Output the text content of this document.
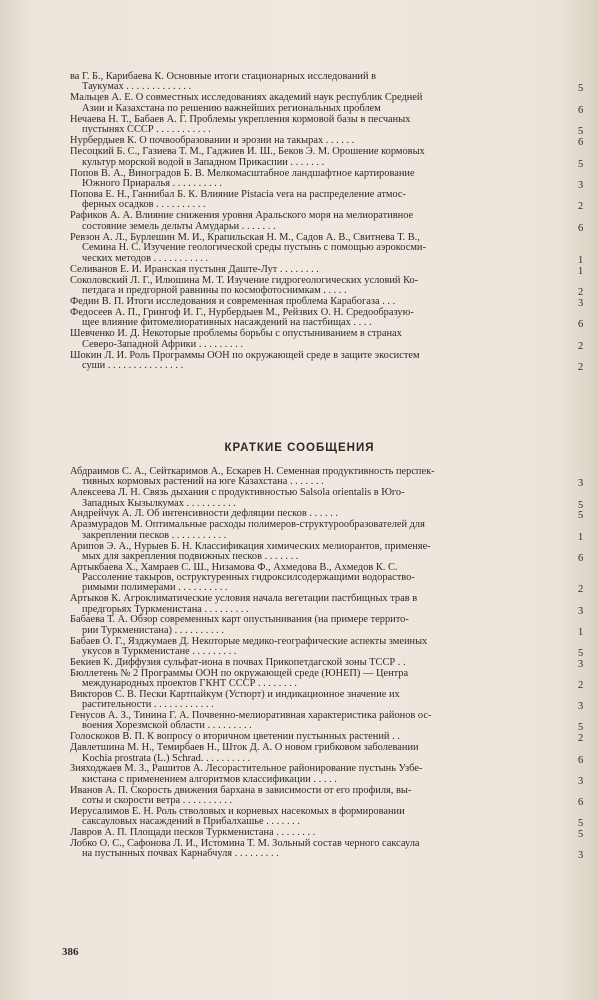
ва Г. Б., Карибаева К. Основные итоги стационарных исследований в
Таукумах . . . . . . . . . . . . .	5
Мальцев А. Е. О совместных исследованиях академий наук республик Средней
Азии и Казахстана по решению важнейших региональных проблем	6
Нечаева Н. Т., Бабаев А. Г. Проблемы укрепления кормовой базы в песчаных
пустынях СССР . . . . . . . . . . .	5
Нурбердыев К. О почвообразовании и эрозии на такырах . . . . . .	6
Песоцкий Б. С., Газиева Т. М., Гаджиев И. Ш., Беков Э. М. Орошение кормовых
культур морской водой в Западном Прикаспии . . . . . . .	5
Попов В. А., Виноградов Б. В. Мелкомасштабное ландшафтное картирование
Южного Приаралья . . . . . . . . . .	3
Попова Е. Н., Ганнибал Б. К. Влияние Pistacia vera на распределение атмос-
ферных осадков . . . . . . . . . .	2
Рафиков А. А. Влияние снижения уровня Аральского моря на мелиоративное
состояние земель дельты Амударьи . . . . . . .	6
Ревзон А. Л., Бурлешин М. И., Крапильская Н. М., Садов А. В., Свитнева Т. В.,
Семина Н. С. Изучение геологической среды пустынь с помощью аэрокосми-
ческих методов . . . . . . . . . . .	1
Селиванов Е. И. Иранская пустыня Даште-Лут . . . . . . . .	1
Соколовский Л. Г., Илюшина М. Т. Изучение гидрогеологических условий Ко-
петдага и предгорной равнины по космофотоснимкам . . . . .	2
Федин В. П. Итоги исследования и современная проблема Карабогаза . . .	3
Федосеев А. П., Грингоф И. Г., Нурбердыев М., Рейзвих О. Н. Средообразую-
щее влияние фитомелиоративных насаждений на пастбищах . . . .	6
Шевченко И. Д. Некоторые проблемы борьбы с опустыниванием в странах
Северо-Западной Африки . . . . . . . . .	2
Шокин Л. И. Роль Программы ООН по окружающей среде в защите экосистем
суши . . . . . . . . . . . . . . .	2
КРАТКИЕ СООБЩЕНИЯ
Абдраимов С. А., Сейткаримов А., Ескарев Н. Семенная продуктивность перспек-
тивных кормовых растений на юге Казахстана . . . . . . .	3
Алексеева Л. Н. Связь дыхания с продуктивностью Salsola orientalis в Юго-
Западных Кызылкумах . . . . . . . . . .	5
Андрейчук А. Л. Об интенсивности дефляции песков . . . . . .	5
Аразмурадов М. Оптимальные расходы полимеров-структурообразователей для
закрепления песков . . . . . . . . . . .	1
Арипов Э. А., Нурыев Б. Н. Классификация химических мелиорантов, применяе-
мых для закрепления подвижных песков . . . . . . .	6
Артыкбаева Х., Хамраев С. Ш., Низамова Ф., Ахмедова В., Ахмедов К. С.
Рассоление такыров, оструктуренных гидроксилсодержащими водораство-
римыми полимерами . . . . . . . . . .	2
Артыков К. Агроклиматические условия начала вегетации пастбищных трав в
предгорьях Туркменистана . . . . . . . . .	3
Бабаева Т. А. Обзор современных карт опустынивания (на примере террито-
рии Туркменистана) . . . . . . . . . .	1
Бабаев О. Г., Язджумаев Д. Некоторые медико-географические аспекты змеиных
укусов в Туркменистане . . . . . . . . .	5
Бекиев К. Диффузия сульфат-иона в почвах Прикопетдагской зоны ТССР . .	3
Бюллетень № 2 Программы ООН по окружающей среде (ЮНЕП) — Центра
международных проектов ГКНТ СССР . . . . . . . .	2
Викторов С. В. Пески Картпайкум (Устюрт) и индикационное значение их
растительности . . . . . . . . . . . .	3
Генусов А. З., Тинина Г. А. Почвенно-мелиоративная характеристика районов ос-
воения Хорезмской области . . . . . . . . .	5
Голоскоков В. П. К вопросу о вторичном цветении пустынных растений . .	2
Давлетшина М. Н., Темирбаев Н., Шток Д. А. О новом грибковом заболевании
Kochia prostrata (L.) Schrad. . . . . . . . . .	6
Зияходжаев М. З., Рашитов А. Лесорастительное районирование пустынь Узбе-
кистана с применением алгоритмов классификации . . . . .	3
Иванов А. П. Скорость движения бархана в зависимости от его профиля, вы-
соты и скорости ветра . . . . . . . . . .	6
Иерусалимов Е. Н. Роль стволовых и корневых насекомых в формировании
саксауловых насаждений в Прибалхашье . . . . . . .	5
Лавров А. П. Площади песков Туркменистана . . . . . . . .	5
Лобко О. С., Сафонова Л. И., Истомина Т. М. Зольный состав черного саксаула
на пустынных почвах Карнабчуля . . . . . . . . .	3
386
